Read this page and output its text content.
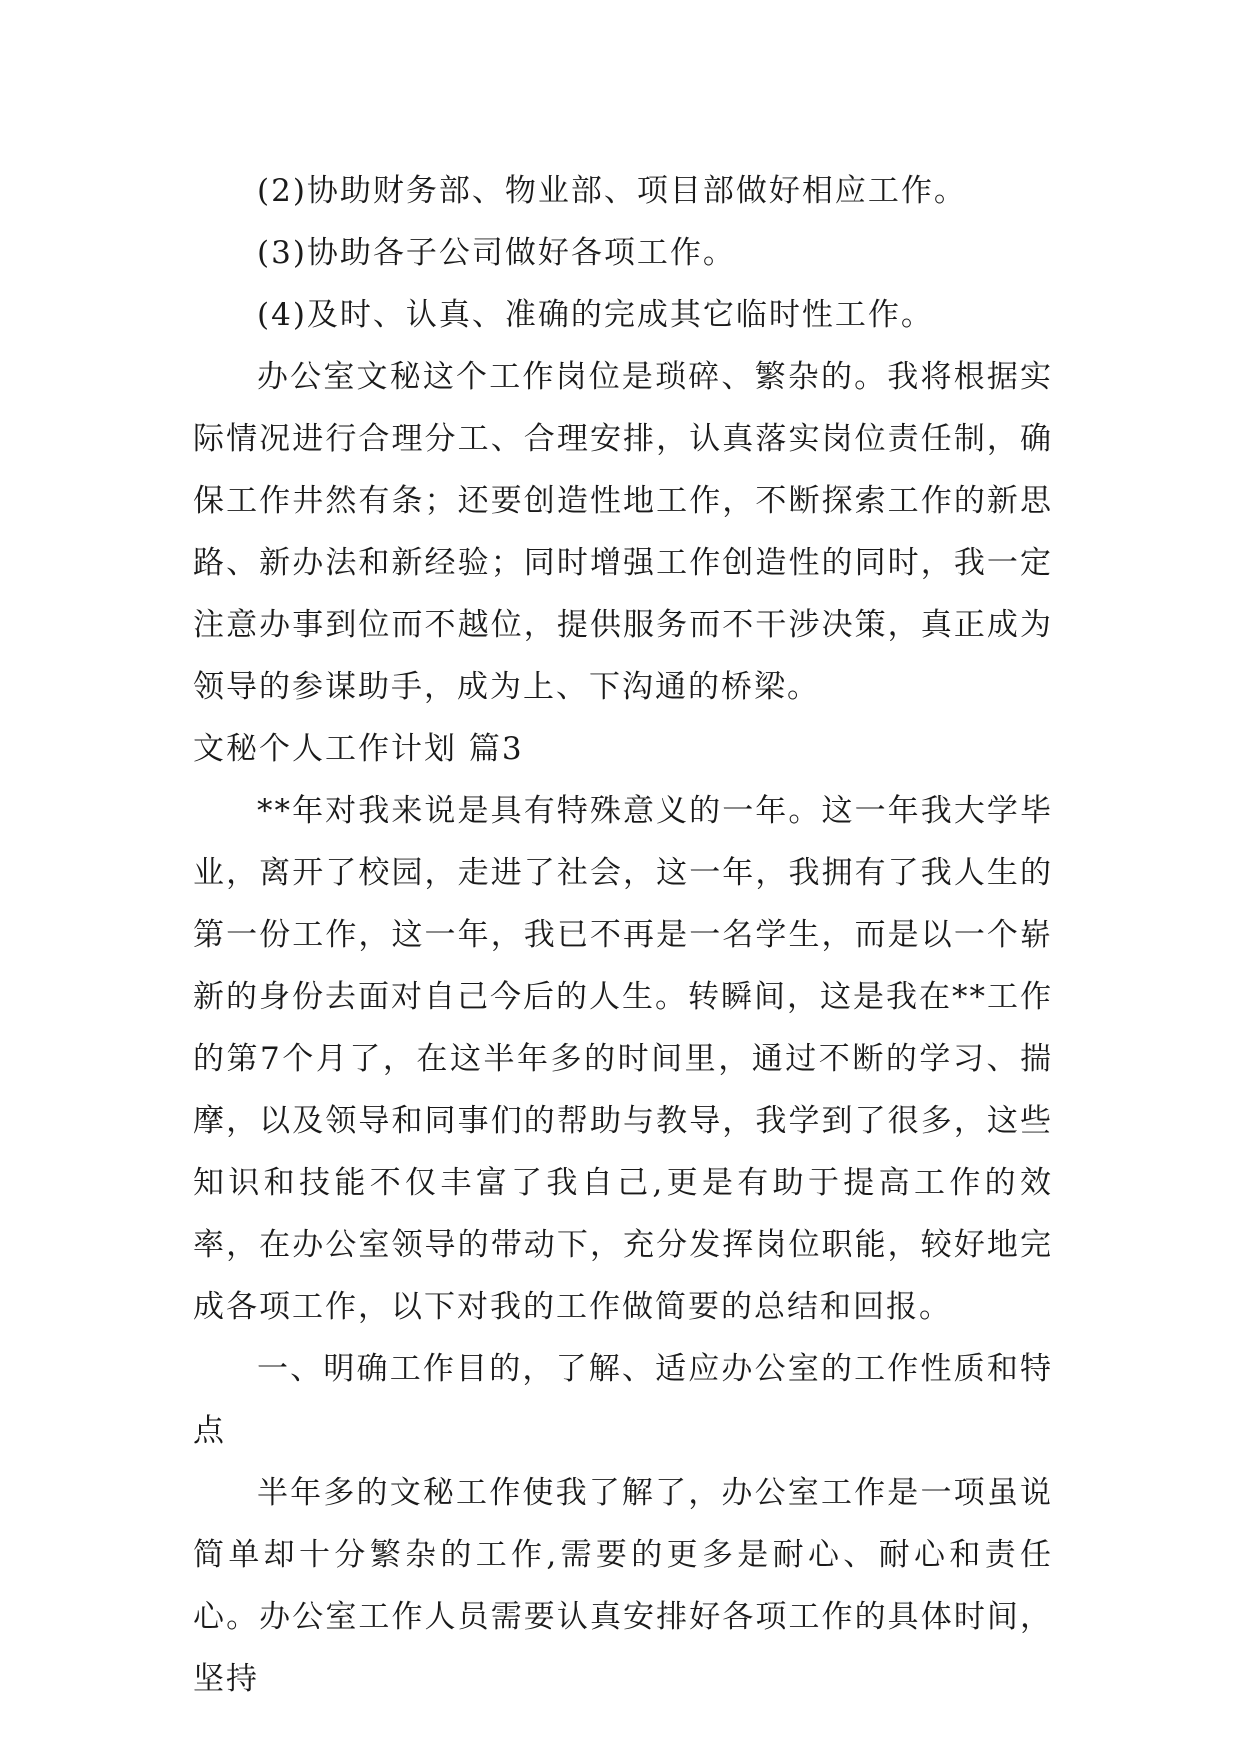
(2)协助财务部、物业部、项目部做好相应工作。

(3)协助各子公司做好各项工作。

(4)及时、认真、准确的完成其它临时性工作。

办公室文秘这个工作岗位是琐碎、繁杂的。我将根据实际情况进行合理分工、合理安排，认真落实岗位责任制，确保工作井然有条；还要创造性地工作，不断探索工作的新思路、新办法和新经验；同时增强工作创造性的同时，我一定注意办事到位而不越位，提供服务而不干涉决策，真正成为领导的参谋助手，成为上、下沟通的桥梁。

文秘个人工作计划 篇3

**年对我来说是具有特殊意义的一年。这一年我大学毕业，离开了校园，走进了社会，这一年，我拥有了我人生的第一份工作，这一年，我已不再是一名学生，而是以一个崭新的身份去面对自己今后的人生。转瞬间，这是我在**工作的第7个月了，在这半年多的时间里，通过不断的学习、揣摩，以及领导和同事们的帮助与教导，我学到了很多，这些知识和技能不仅丰富了我自己,更是有助于提高工作的效率，在办公室领导的带动下，充分发挥岗位职能，较好地完成各项工作，以下对我的工作做简要的总结和回报。

一、明确工作目的，了解、适应办公室的工作性质和特点

半年多的文秘工作使我了解了，办公室工作是一项虽说简单却十分繁杂的工作,需要的更多是耐心、耐心和责任心。办公室工作人员需要认真安排好各项工作的具体时间，坚持
